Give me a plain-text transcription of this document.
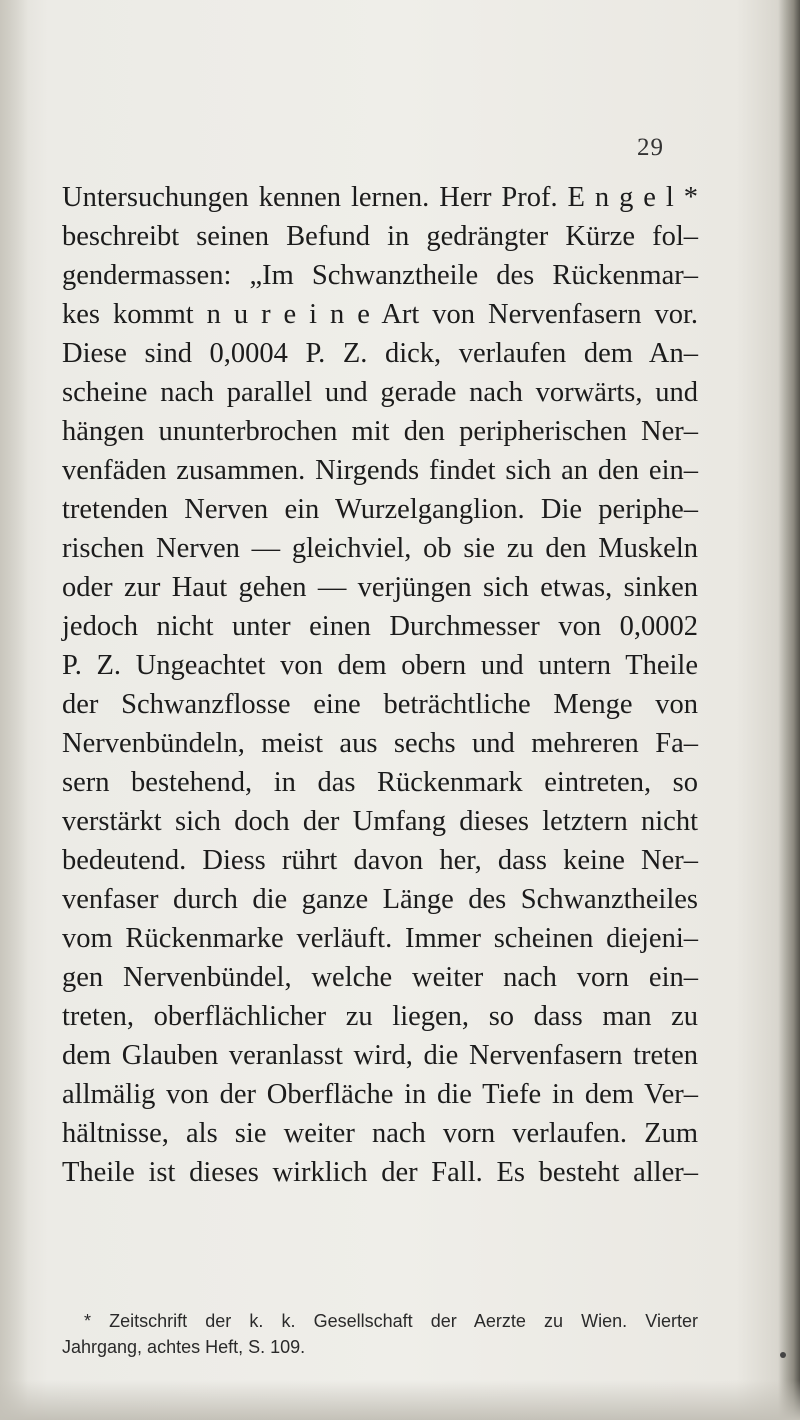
29
Untersuchungen kennen lernen. Herr Prof. E n g e l *
beschreibt seinen Befund in gedrängter Kürze fol–
gendermassen: „Im Schwanztheile des Rückenmar–
kes kommt n u r e i n e Art von Nervenfasern vor.
Diese sind 0,0004 P. Z. dick, verlaufen dem An–
scheine nach parallel und gerade nach vorwärts, und
hängen ununterbrochen mit den peripherischen Ner–
venfäden zusammen. Nirgends findet sich an den ein–
tretenden Nerven ein Wurzelganglion. Die periphe–
rischen Nerven — gleichviel, ob sie zu den Muskeln
oder zur Haut gehen — verjüngen sich etwas, sinken
jedoch nicht unter einen Durchmesser von 0,0002
P. Z. Ungeachtet von dem obern und untern Theile
der Schwanzflosse eine beträchtliche Menge von
Nervenbündeln, meist aus sechs und mehreren Fa–
sern bestehend, in das Rückenmark eintreten, so
verstärkt sich doch der Umfang dieses letztern nicht
bedeutend. Diess rührt davon her, dass keine Ner–
venfaser durch die ganze Länge des Schwanztheiles
vom Rückenmarke verläuft. Immer scheinen diejeni–
gen Nervenbündel, welche weiter nach vorn ein–
treten, oberflächlicher zu liegen, so dass man zu
dem Glauben veranlasst wird, die Nervenfasern treten
allmälig von der Oberfläche in die Tiefe in dem Ver–
hältnisse, als sie weiter nach vorn verlaufen. Zum
Theile ist dieses wirklich der Fall. Es besteht aller–
* Zeitschrift der k. k. Gesellschaft der Aerzte zu Wien. Vierter
Jahrgang, achtes Heft, S. 109.
